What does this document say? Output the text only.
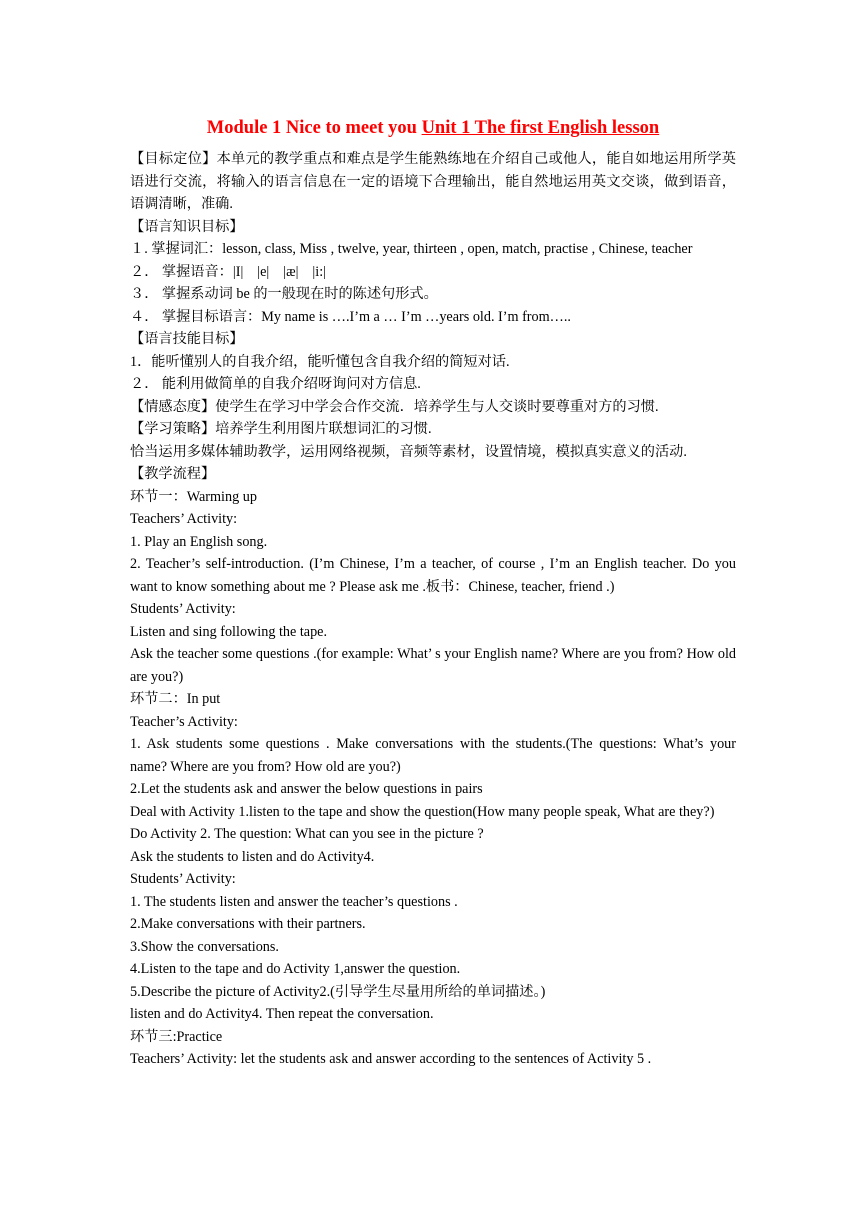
Module 1 Nice to meet you Unit 1 The first English lesson

【目标定位】本单元的教学重点和难点是学生能熟练地在介绍自己或他人，能自如地运用所学英语进行交流，将输入的语言信息在一定的语境下合理输出，能自然地运用英文交谈，做到语音，语调清晰，准确.

【语言知识目标】

１. 掌握词汇：lesson, class, Miss , twelve, year, thirteen , open, match, practise , Chinese, teacher

２． 掌握语音：|I| |e| |æ| |i:|

３． 掌握系动词 be 的一般现在时的陈述句形式。

４． 掌握目标语言：My name is ….I’m a … I’m …years old. I’m from…..

【语言技能目标】

1．能听懂别人的自我介绍，能听懂包含自我介绍的简短对话.

２． 能利用做简单的自我介绍呀询问对方信息.

【情感态度】使学生在学习中学会合作交流．培养学生与人交谈时要尊重对方的习惯.

【学习策略】培养学生利用图片联想词汇的习惯.

恰当运用多媒体辅助教学，运用网络视频，音频等素材，设置情境，模拟真实意义的活动.

【教学流程】

环节一：Warming up

Teachers’ Activity:

1. Play an English song.

2. Teacher’s self-introduction. (I’m Chinese, I’m a teacher, of course , I’m an English teacher. Do you want to know something about me ? Please ask me .板书：Chinese, teacher, friend .)

Students’ Activity:

Listen and sing following the tape.

Ask the teacher some questions .(for example: What’ s your English name? Where are you from? How old are you?)

环节二：In put

Teacher’s Activity:

1. Ask students some questions . Make conversations with the students.(The questions: What’s your name? Where are you from? How old are you?)

2.Let the students ask and answer the below questions in pairs

Deal with Activity 1.listen to the tape and show the question(How many people speak, What are they?)

Do Activity 2. The question: What can you see in the picture ?

Ask the students to listen and do Activity4.

Students’ Activity:

1. The students listen and answer the teacher’s questions .

2.Make conversations with their partners.

3.Show the conversations.

4.Listen to the tape and do Activity 1,answer the question.

5.Describe the picture of Activity2.(引导学生尽量用所给的单词描述。)

listen and do Activity4. Then repeat the conversation.

环节三:Practice

Teachers’ Activity: let the students ask and answer according to the sentences of Activity 5 .
